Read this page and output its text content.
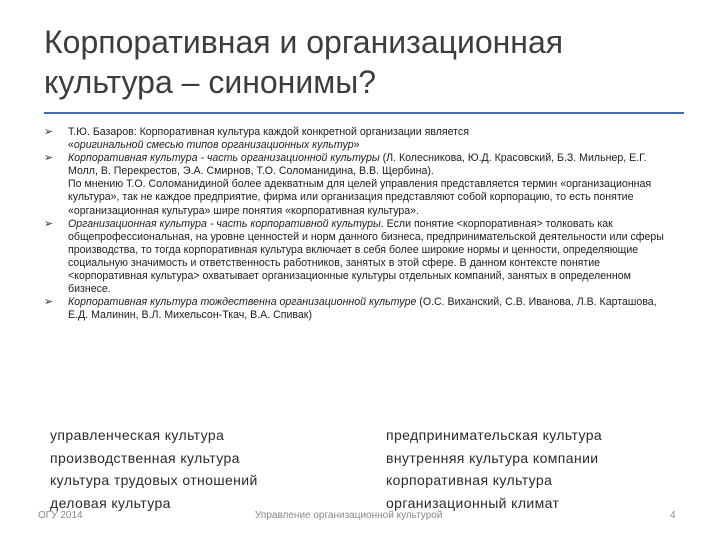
Корпоративная и организационная
культура – синонимы?
➢	Т.Ю. Базаров: Корпоративная культура каждой конкретной организации является
«оригинальной смесью типов организационных культур»
➢	Корпоративная культура - часть организационной культуры (Л. Колесникова, Ю.Д. Красовский, Б.З. Мильнер, Е.Г. Молл, В. Перекрестов, Э.А. Смирнов, Т.О. Соломанидина, В.В. Щербина).
По мнению Т.О. Соломанидиной более адекватным для целей управления представляется термин «организационная культура», так не каждое предприятие, фирма или организация представляют собой корпорацию, то есть понятие «организационная культура» шире понятия «корпоративная культура».
➢	Организационная культура - часть корпоративной культуры. Если понятие <корпоративная> толковать как общепрофессиональная, на уровне ценностей и норм данного бизнеса, предпринимательской деятельности или сферы производства, то тогда корпоративная культура включает в себя более широкие нормы и ценности, определяющие социальную значимость и ответственность работников, занятых в этой сфере. В данном контексте понятие <корпоративная культура> охватывает организационные культуры отдельных компаний, занятых в определенном бизнесе.
➢	Корпоративная культура тождественна организационной культуре (О.С. Виханский, С.В. Иванова, Л.В. Карташова, Е.Д. Малинин, В.Л. Михельсон-Ткач, В.А. Спивак)
управленческая культура
производственная культура
культура трудовых отношений
деловая культура
предпринимательская культура
внутренняя культура компании
корпоративная культура
организационный климат
ОГУ 2014	Управление организационной культурой	4
